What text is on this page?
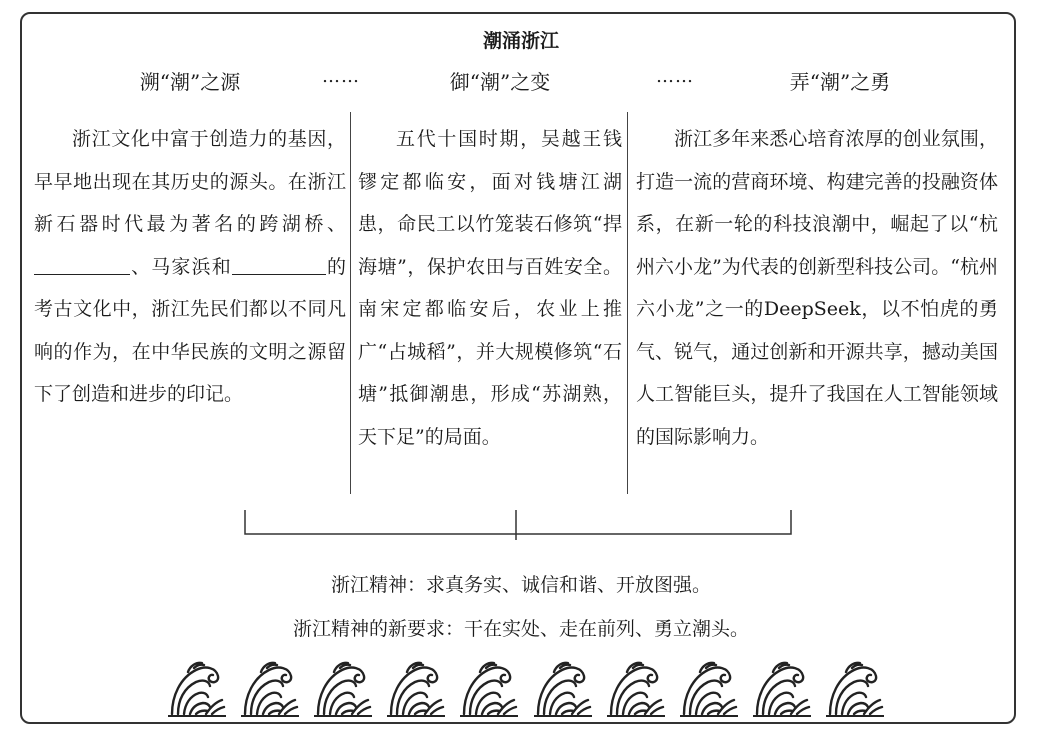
潮涌浙江
溯“潮”之源	……	御“潮”之变	……	弄“潮”之勇
浙江文化中富于创造力的基因，早早地出现在其历史的源头。在浙江新石器时代最为著名的跨湖桥、、马家浜和	的考古文化中，浙江先民们都以不同凡响的作为，在中华民族的文明之源留下了创造和进步的印记。
五代十国时期，吴越王钱镠定都临安，面对钱塘江湖患，命民工以竹笼装石修筑“捍海塘”，保护农田与百姓安全。南宋定都临安后，农业上推广“占城稻”，并大规模修筑“石塘”抵御潮患，形成“苏湖熟，天下足”的局面。
浙江多年来悉心培育浓厚的创业氛围，打造一流的营商环境、构建完善的投融资体系，在新一轮的科技浪潮中，崛起了以“杭州六小龙”为代表的创新型科技公司。“杭州六小龙”之一的DeepSeek，以不怕虎的勇气、锐气，通过创新和开源共享，撼动美国人工智能巨头，提升了我国在人工智能领域的国际影响力。
浙江精神：求真务实、诚信和谐、开放图强。
浙江精神的新要求：干在实处、走在前列、勇立潮头。
